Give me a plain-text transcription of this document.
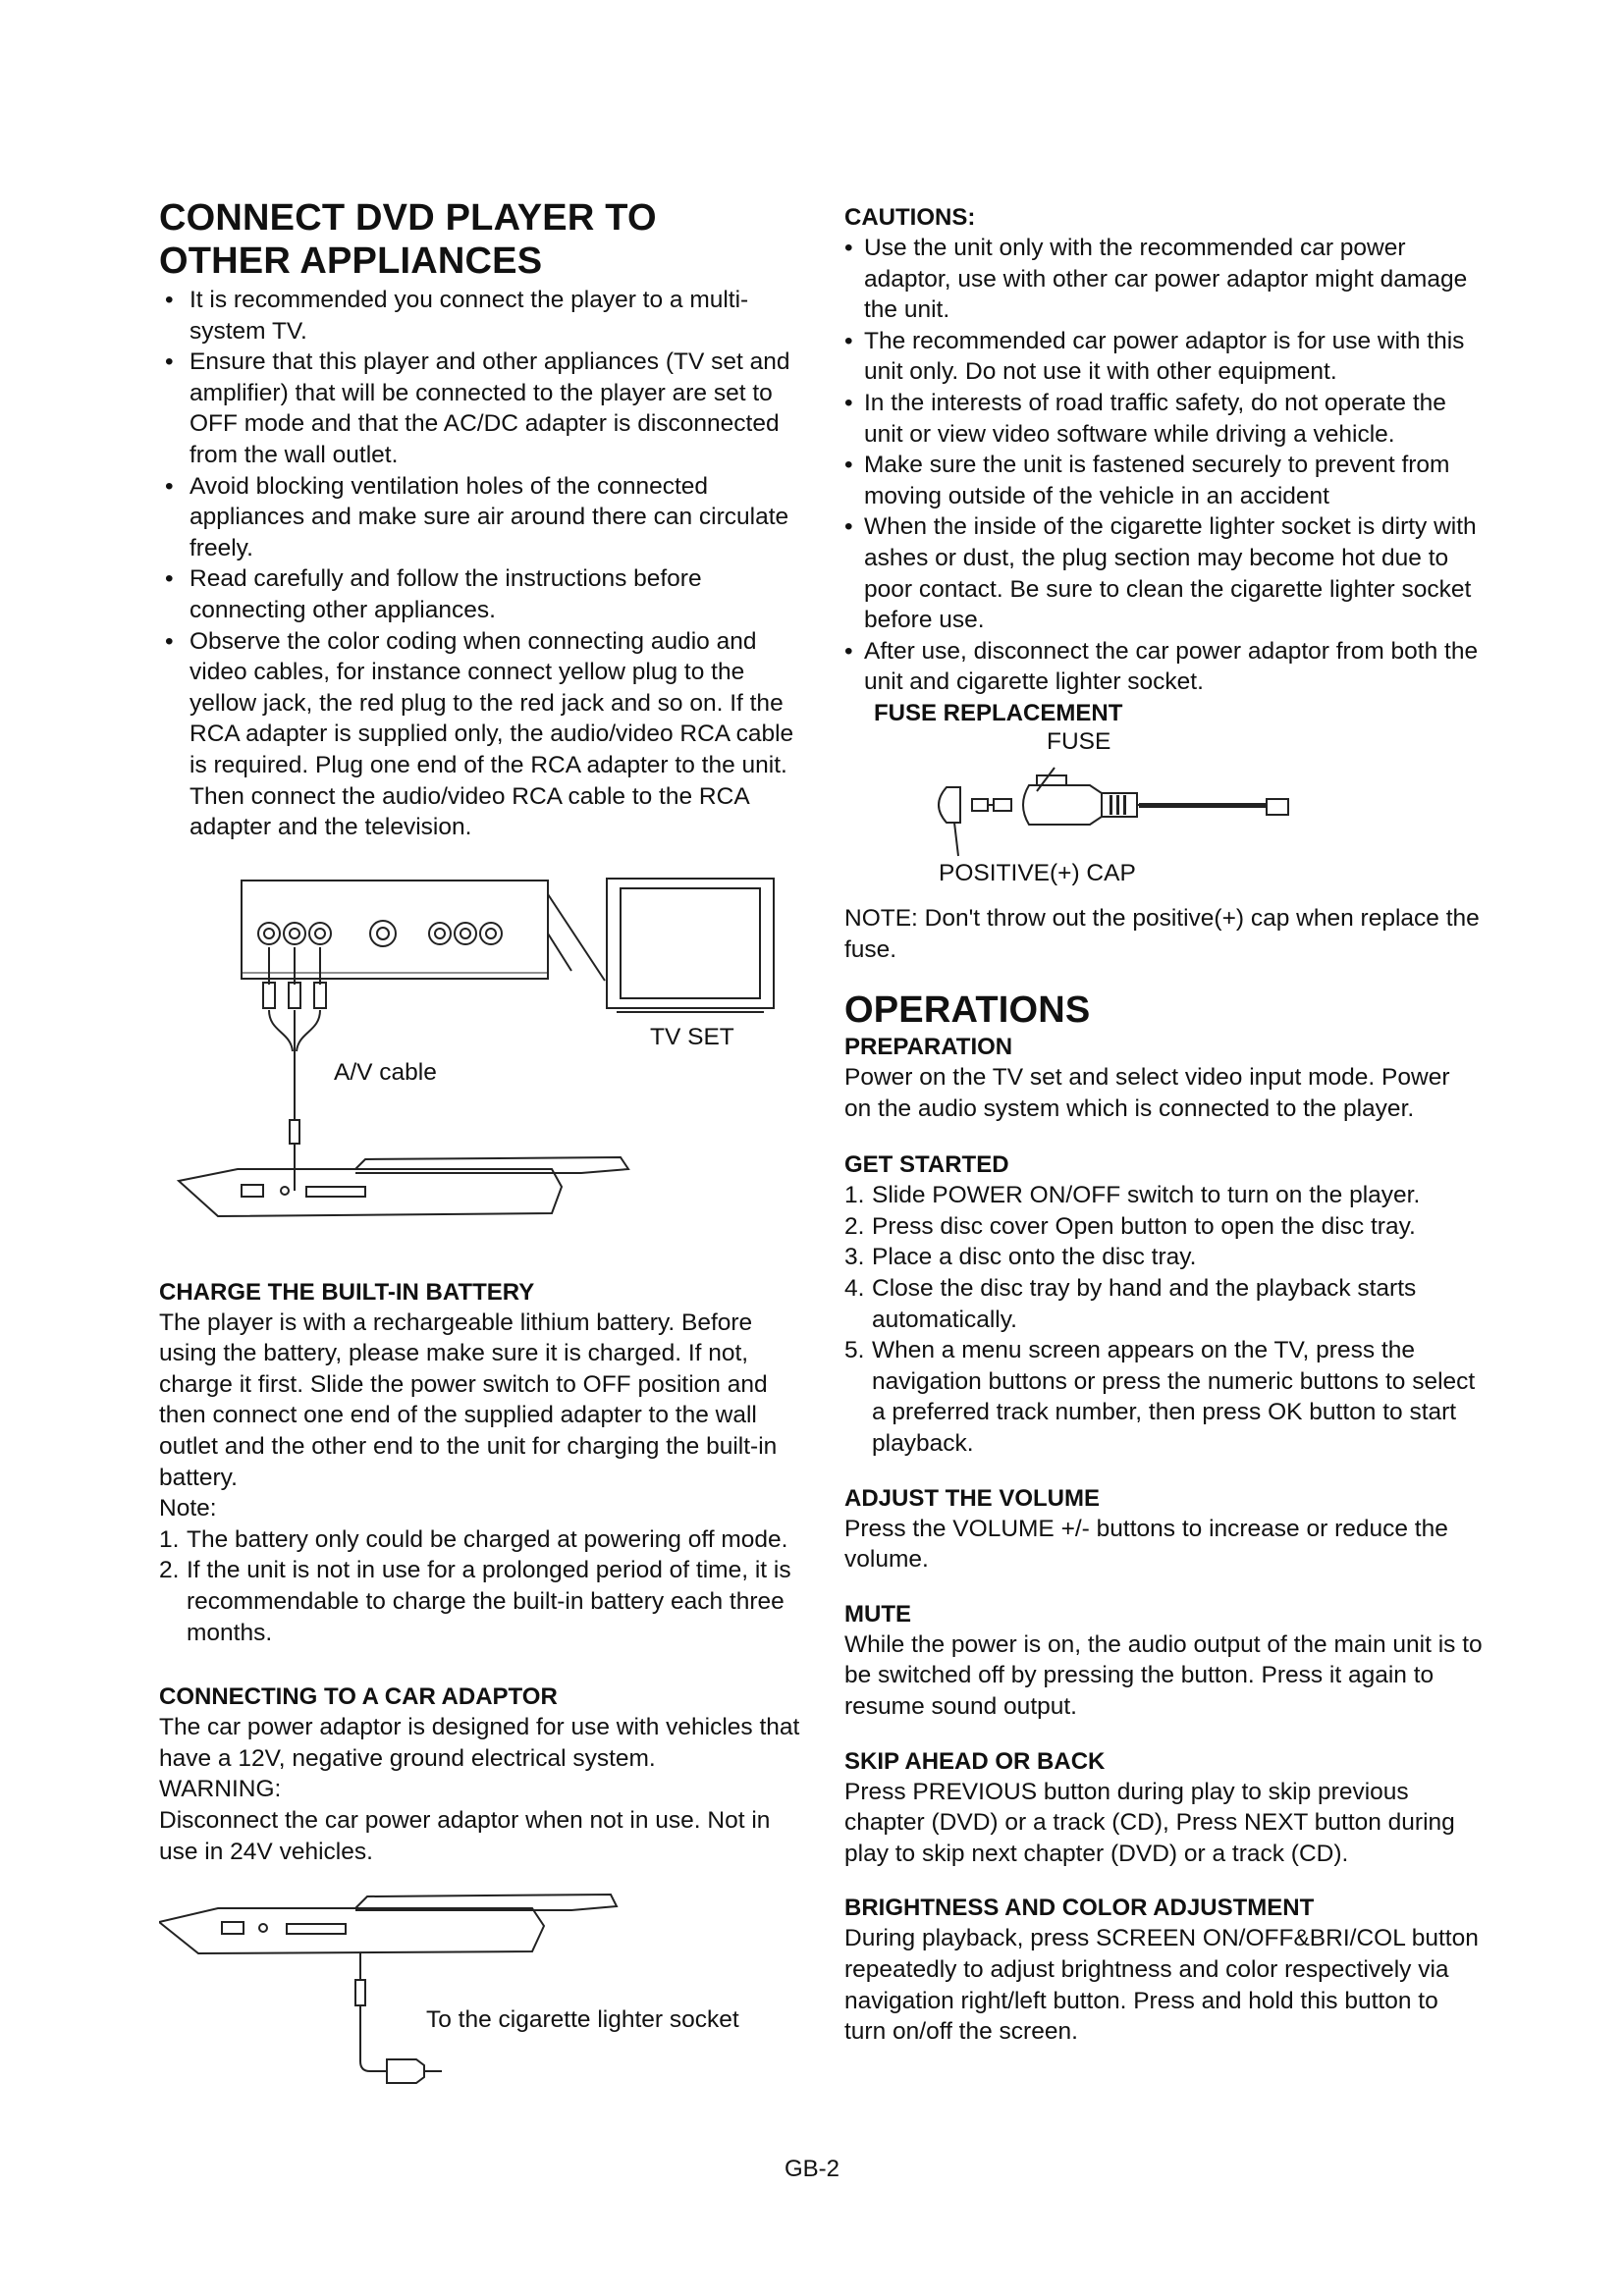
CONNECT DVD PLAYER TO OTHER APPLIANCES
• It is recommended you connect the player to a multi-system TV.
• Ensure that this player and other appliances (TV set and amplifier) that will be connected to the player are set to OFF mode and that the AC/DC adapter is disconnected from the wall outlet.
• Avoid blocking ventilation holes of the connected appliances and make sure air around there can circulate freely.
• Read carefully and follow the instructions before connecting other appliances.
• Observe the color coding when connecting audio and video cables, for instance connect yellow plug to the yellow jack, the red plug to the red jack and so on. If the RCA adapter is supplied only, the audio/video RCA cable is required. Plug one end of the RCA adapter to the unit. Then connect the audio/video RCA cable to the RCA adapter and the television.
TV SET
A/V cable
CHARGE THE BUILT-IN BATTERY

The player is with a rechargeable lithium battery. Before using the battery, please make sure it is charged. If not, charge it first. Slide the power switch to OFF position and then connect one end of the supplied adapter to the wall outlet and the other end to the unit for charging the built-in battery.

Note:

1. The battery only could be charged at powering off mode.
2. If the unit is not in use for a prolonged period of time, it is recommendable to charge the built-in battery each three months.
CONNECTING TO A CAR ADAPTOR

The car power adaptor is designed for use with vehicles that have a 12V, negative ground electrical system.

WARNING:

Disconnect the car power adaptor when not in use. Not in use in 24V vehicles.

To the cigarette lighter socket
CAUTIONS:
• Use the unit only with the recommended car power adaptor, use with other car power adaptor might damage the unit.
• The recommended car power adaptor is for use with this unit only. Do not use it with other equipment.
• In the interests of road traffic safety, do not operate the unit or view video software while driving a vehicle.
• Make sure the unit is fastened securely to prevent from moving outside of the vehicle in an accident
• When the inside of the cigarette lighter socket is dirty with ashes or dust, the plug section may become hot due to poor contact. Be sure to clean the cigarette lighter socket before use.
• After use, disconnect the car power adaptor from both the unit and cigarette lighter socket.
FUSE REPLACEMENT
FUSE
POSITIVE(+) CAP

NOTE: Don't throw out the positive(+) cap when replace the fuse.

OPERATIONS
PREPARATION

Power on the TV set and select video input mode. Power on the audio system which is connected to the player.

GET STARTED
1. Slide POWER ON/OFF switch to turn on the player.
2. Press disc cover Open button to open the disc tray.
3. Place a disc onto the disc tray.
4. Close the disc tray by hand and the playback starts automatically.
5. When a menu screen appears on the TV, press the navigation buttons or press the numeric buttons to select a preferred track number, then press OK button to start playback.
ADJUST THE VOLUME

Press the VOLUME +/- buttons to increase or reduce the volume.

MUTE

While the power is on, the audio output of the main unit is to be switched off by pressing the button. Press it again to resume sound output.

SKIP AHEAD OR BACK

Press PREVIOUS button during play to skip previous chapter (DVD) or a track (CD), Press NEXT button during play to skip next chapter (DVD) or a track (CD).

BRIGHTNESS AND COLOR ADJUSTMENT

During playback, press SCREEN ON/OFF&BRI/COL button repeatedly to adjust brightness and color respectively via navigation right/left button. Press and hold this button to turn on/off the screen.

GB-2
